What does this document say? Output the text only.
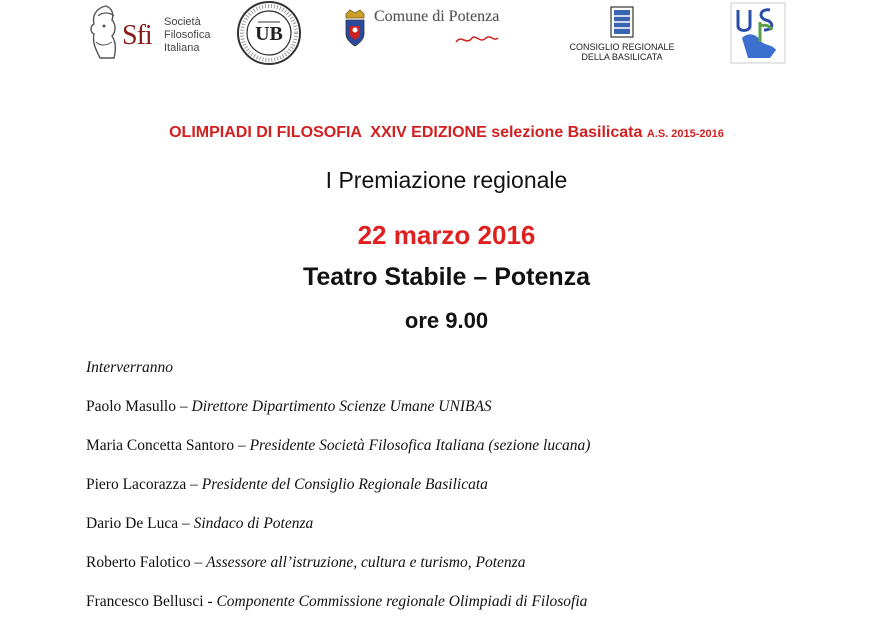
Sfi Società
Filosofica
Italiana
UB
Comune di Potenza
CONSIGLIO REGIONALE
DELLA BASILICATA
OLIMPIADI DI FILOSOFIA  XXIV EDIZIONE selezione Basilicata A.S. 2015-2016
I Premiazione regionale
22 marzo 2016
Teatro Stabile – Potenza
ore 9.00
Interverranno
Paolo Masullo – Direttore Dipartimento Scienze Umane UNIBAS
Maria Concetta Santoro – Presidente Società Filosofica Italiana (sezione lucana)
Piero Lacorazza – Presidente del Consiglio Regionale Basilicata
Dario De Luca – Sindaco di Potenza
Roberto Falotico – Assessore all’istruzione, cultura e turismo, Potenza
Francesco Bellusci - Componente Commissione regionale Olimpiadi di Filosofia
